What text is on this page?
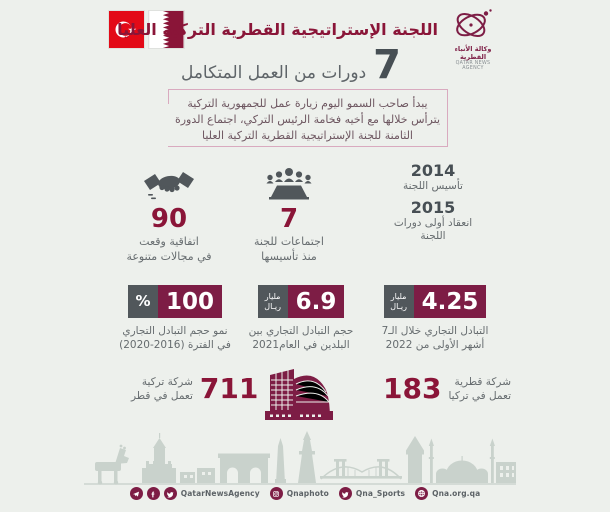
اللجنة الإستراتيجية القطرية التركية العليا
7
دورات من العمل المتكامل
وكالة الأنباء القطرية
QATAR NEWS AGENCY
يبدأ صاحب السمو اليوم زيارة عمل للجمهورية التركية
يترأس خلالها مع أخيه فخامة الرئيس التركي، اجتماع الدورة
الثامنة للجنة الإستراتيجية القطرية التركية العليا
90
اتفاقية وقعت
في مجالات متنوعة
7
اجتماعات للجنة
منذ تأسيسها
2014
تأسيس اللجنة
2015
انعقاد أولى دورات
اللجنة
% 100
نمو حجم التبادل التجاري
في الفترة (2016-2020)
مليار
ريـال 6.9
حجم التبادل التجاري بين
البلدين في العام2021
مليار
ريـال 4.25
التبادل التجاري خلال الـ7
أشهر الأولى من 2022
شركة تركية
تعمل في قطر 711	183	شركة قطرية
تعمل في تركيا
QatarNewsAgency	Qnaphoto	Qna_Sports	Qna.org.qa
